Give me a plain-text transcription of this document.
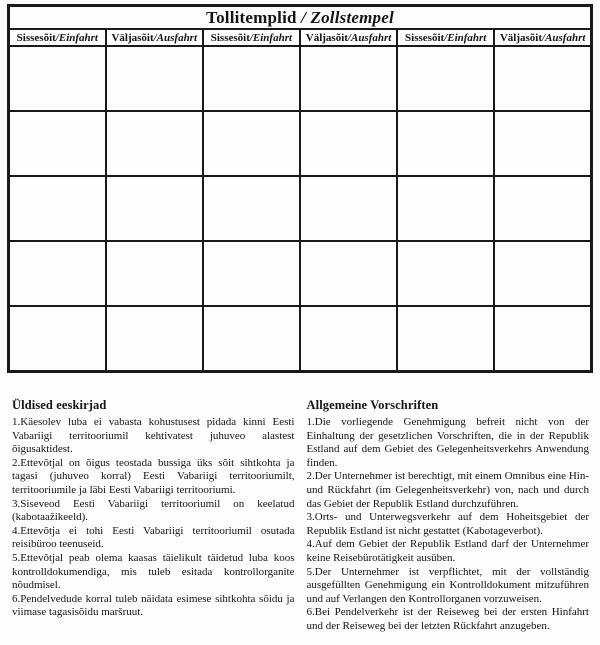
Tollitemplid / Zollstempel					
Sissesõit/Einfahrt	Väljasõit/Ausfahrt	Sissesõit/Einfahrt	Väljasõit/Ausfahrt	Sissesõit/Einfahrt	Väljasõit/Ausfahrt

Üldised eeskirjad

1.Käesolev luba ei vabasta kohustusest pidada kinni Eesti Vabariigi territooriumil kehtivatest juhuveo alastest õigusaktidest.

2.Ettevõtjal on õigus teostada bussiga üks sõit sihtkohta ja tagasi (juhuveo korral) Eesti Vabariigi territooriumilt, territooriumile ja läbi Eesti Vabariigi territooriumi.

3.Siseveod Eesti Vabariigi territooriumil on keelatud (kabotaažikeeld).

4.Ettevõtja ei tohi Eesti Vabariigi territooriumil osutada reisibüroo teenuseid.

5.Ettevõtjal peab olema kaasas täielikult täidetud luba koos kontrolldokumendiga, mis tuleb esitada kontrollorganite nõudmisel.

6.Pendelvedude korral tuleb näidata esimese sihtkohta sõidu ja viimase tagasisõidu maršruut.

Allgemeine Vorschriften

1.Die vorliegende Genehmigung befreit nicht von der Einhaltung der gesetzlichen Vorschriften, die in der Republik Estland auf dem Gebiet des Gelegenheitsverkehrs Anwendung finden.

2.Der Unternehmer ist berechtigt, mit einem Omnibus eine Hin- und Rückfahrt (im Gelegenheitsverkehr) von, nach und durch das Gebiet der Republik Estland durchzuführen.

3.Orts- und Unterwegsverkehr auf dem Hoheitsgebiet der Republik Estland ist nicht gestattet (Kabotageverbot).

4.Auf dem Gebiet der Republik Estland darf der Unternehmer keine Reisebürotätigkeit ausüben.

5.Der Unternehmer ist verpflichtet, mit der vollständig ausgefüllten Genehmigung ein Kontrolldokument mitzuführen und auf Verlangen den Kontrollorganen vorzuweisen.

6.Bei Pendelverkehr ist der Reiseweg bei der ersten Hinfahrt und der Reiseweg bei der letzten Rückfahrt anzugeben.
